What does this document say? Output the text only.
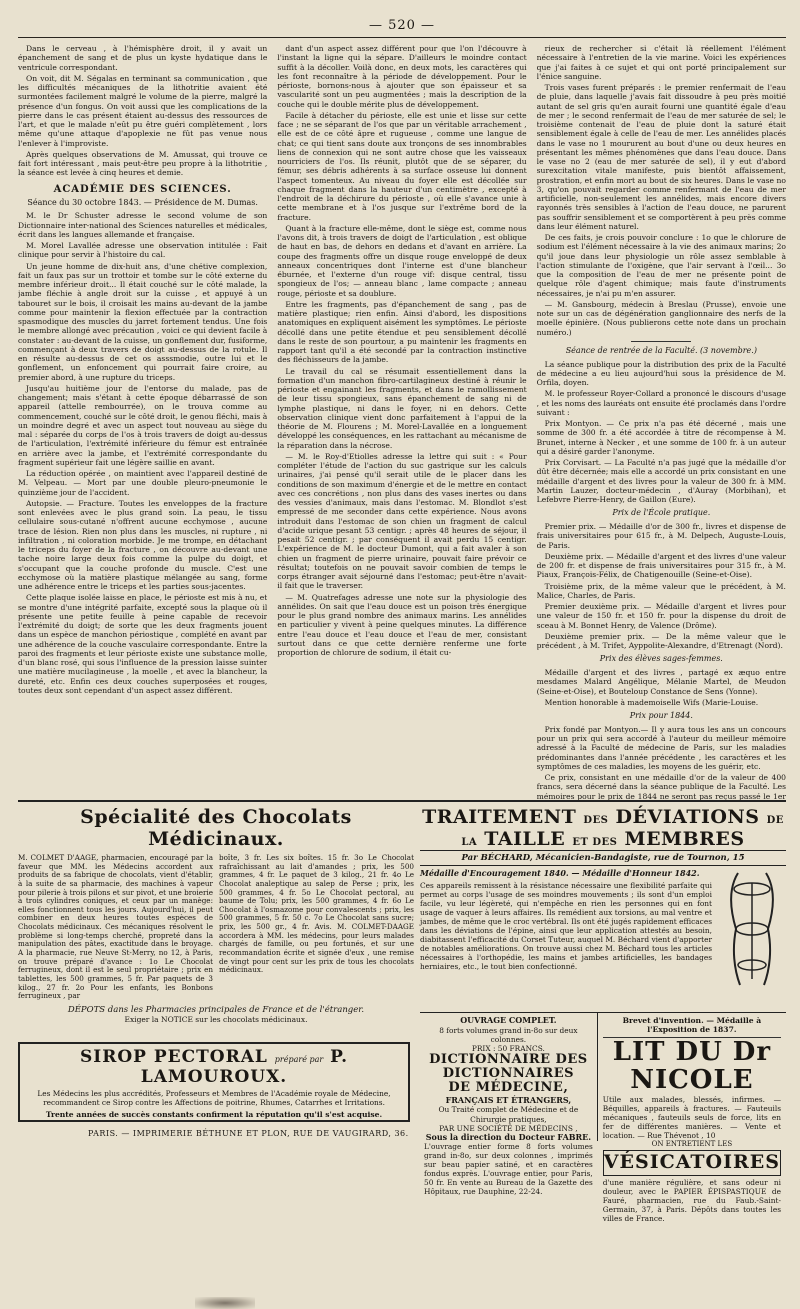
— 520 —

Dans le cerveau , à l'hémisphère droit, il y avait un épanchement de sang et de plus un kyste hydatique dans le ventricule correspondant.

On voit, dit M. Ségalas en terminant sa communication , que les difficultés mécaniques de la lithotritie avaient été surmontées facilement malgré le volume de la pierre, malgré la présence d'un fongus. On voit aussi que les complications de la pierre dans le cas présent étaient au-dessus des ressources de l'art, et que le malade n'eût pu être guéri complètement , lors même qu'une attaque d'apoplexie ne fût pas venue nous l'enlever à l'improviste.

Après quelques observations de M. Amussat, qui trouve ce fait fort intéressant , mais peut-être peu propre à la lithotritie , la séance est levée à cinq heures et demie.

ACADÉMIE DES SCIENCES.
Séance du 30 octobre 1843. — Présidence de M. Dumas.

M. le Dr Schuster adresse le second volume de son Dictionnaire inter-national des Sciences naturelles et médicales, écrit dans les langues allemande et française.

M. Morel Lavallée adresse une observation intitulée : Fait clinique pour servir à l'histoire du cal.

Un jeune homme de dix-huit ans, d'une chétive complexion, fait un faux pas sur un trottoir et tombe sur le côté externe du membre inférieur droit... Il était couché sur le côté malade, la jambe fléchie à angle droit sur la cuisse , et appuyé à un tabouret sur le bois, il croisait les mains au-devant de la jambe comme pour maintenir la flexion effectuée par la contraction spasmodique des muscles du jarret fortement tendus. Une fois le membre allongé avec précaution , voici ce qui devient facile à constater : au-devant de la cuisse, un gonflement dur, fusiforme, commençant à deux travers de doigt au-dessus de la rotule. Il en résulte au-dessus de cet os asssmodie, outre lui et le gonflement, un enfoncement qui pourrait faire croire, au premier abord, à une rupture du triceps.

Jusqu'au huitième jour de l'entorse du malade, pas de changement; mais s'étant à cette époque débarrassé de son appareil (attelle rembourrée), on le trouva comme au commencement, couché sur le côté droit, le genou fléchi, mais à un moindre degré et avec un aspect tout nouveau au siège du mal : séparée du corps de l'os à trois travers de doigt au-dessus de l'articulation, l'extrémité inférieure du fémur est entraînée en arrière avec la jambe, et l'extrémité correspondante du fragment supérieur fait une légère saillie en avant.

La réduction opérée , on maintient avec l'appareil destiné de M. Velpeau. — Mort par une double pleuro-pneumonie le quinzième jour de l'accident.

Autopsie. — Fracture. Toutes les enveloppes de la fracture sont enlevées avec le plus grand soin. La peau, le tissu cellulaire sous-cutané n'offrent aucune ecchymose , aucune trace de lésion. Rien non plus dans les muscles, ni rupture , ni infiltration , ni coloration morbide. Je me trompe, en détachant le triceps du foyer de la fracture , on découvre au-devant une tache noire large deux fois comme la pulpe du doigt, et s'occupant que la couche profonde du muscle. C'est une ecchymose où la matière plastique mélangée au sang, forme une adhérence entre le triceps et les parties sous-jacentes.

Cette plaque isolée laisse en place, le périoste est mis à nu, et se montre d'une intégrité parfaite, excepté sous la plaque où il présente une petite feuille à peine capable de recevoir l'extrémité du doigt; de sorte que les deux fragments jouent dans un espèce de manchon périostique , complété en avant par une adhérence de la couche vasculaire correspondante. Entre la paroi des fragments et leur périoste existe une substance molle, d'un blanc rosé, qui sous l'influence de la pression laisse suinter une matière mucilagineuse , la moelle , et avec la blancheur, la dureté, etc. Enfin ces deux couches superposées et rouges, toutes deux sont cependant d'un aspect assez différent.

dant d'un aspect assez différent pour que l'on l'découvre à l'instant la ligne qui la sépare. D'ailleurs le moindre contact suffit à la décoller. Voilà donc, en deux mots, les caractères qui les font reconnaître à la période de développement. Pour le périoste, bornons-nous à ajouter que son épaisseur et sa vascularité sont un peu augmentées ; mais la description de la couche qui le double mérite plus de développement.

Facile à détacher du périoste, elle est unie et lisse sur cette face ; ne se séparant de l'os que par un véritable arrachement , elle est de ce côté âpre et rugueuse , comme une langue de chat; ce qui tient sans doute aux tronçons de ses innombrables liens de connexion qui ne sont autre chose que les vaisseaux nourriciers de l'os. Ils réunit, plutôt que de se séparer, du fémur, ses débris adhérents à sa surface osseuse lui donnent l'aspect tomenteux. Au niveau du foyer elle est décollée sur chaque fragment dans la hauteur d'un centimètre , excepté à l'endroit de la déchirure du périoste , où elle s'avance unie à cette membrane et à l'os jusque sur l'extrême bord de la fracture.

Quant à la fracture elle-même, dont le siège est, comme nous l'avons dit, à trois travers de doigt de l'articulation , est oblique de haut en bas, de dehors en dedans et d'avant en arrière. La coupe des fragments offre un disque rouge enveloppé de deux anneaux concentriques dont l'interne est d'une blancheur éburnée, et l'externe d'un rouge vif: disque central, tissu spongieux de l'os; — anneau blanc , lame compacte ; anneau rouge, périoste et sa doublure.

Entre les fragments, pas d'épanchement de sang , pas de matière plastique; rien enfin. Ainsi d'abord, les dispositions anatomiques en expliquent aisément les symptômes. Le périoste décollé dans une petite étendue et peu sensiblement décollé dans le reste de son pourtour, a pu maintenir les fragments en rapport tant qu'il a été secondé par la contraction instinctive des fléchisseurs de la jambe.

Le travail du cal se résumait essentiellement dans la formation d'un manchon fibro-cartilagineux destiné à réunir le périoste et engainant les fragments, et dans le ramollissement de leur tissu spongieux, sans épanchement de sang ni de lymphe plastique, ni dans le foyer, ni en dehors. Cette observation clinique vient donc parfaitement à l'appui de la théorie de M. Flourens ; M. Morel-Lavallée en a longuement développé les conséquences, en les rattachant au mécanisme de la réparation dans la nécrose.

— M. le Roy-d'Etiolles adresse la lettre qui suit : « Pour compléter l'étude de l'action du suc gastrique sur les calculs urinaires, j'ai pensé qu'il serait utile de le placer dans les conditions de son maximum d'énergie et de le mettre en contact avec ces concrétions , non plus dans des vases inertes ou dans des vessies d'animaux, mais dans l'estomac. M. Blondlot s'est empressé de me seconder dans cette expérience. Nous avons introduit dans l'estomac de son chien un fragment de calcul d'acide urique pesant 53 centigr. ; après 48 heures de séjour, il pesait 52 centigr. ; par conséquent il avait perdu 15 centigr. L'expérience de M. le docteur Dumont, qui a fait avaler à son chien un fragment de pierre urinaire, pouvait faire prévoir ce résultat; toutefois on ne pouvait savoir combien de temps le corps étranger avait séjourné dans l'estomac; peut-être n'avait-il fait que le traverser.

— M. Quatrefages adresse une note sur la physiologie des annélides. On sait que l'eau douce est un poison très énergique pour le plus grand nombre des animaux marins. Les annélides en particulier y vivent à peine quelques minutes. La différence entre l'eau douce et l'eau douce et l'eau de mer, consistant surtout dans ce que cette dernière renferme une forte proportion de chlorure de sodium, il était cu-

rieux de rechercher si c'était là réellement l'élément nécessaire à l'entretien de la vie marine. Voici les expériences que j'ai faites à ce sujet et qui ont porté principalement sur l'énice sanguine.

Trois vases furent préparés : le premier renfermait de l'eau de pluie, dans laquelle j'avais fait dissoudre à peu près moitié autant de sel gris qu'en aurait fourni une quantité égale d'eau de mer ; le second renfermait de l'eau de mer saturée de sel; le troisième contenait de l'eau de pluie dont la saturé était sensiblement égale à celle de l'eau de mer. Les annélides placés dans le vase no 1 moururent au bout d'une ou deux heures en présentant les mêmes phénomènes que dans l'eau douce. Dans le vase no 2 (eau de mer saturée de sel), il y eut d'abord surexcitation vitale manifeste, puis bientôt affaissement, prostration, et enfin mort au bout de six heures. Dans le vase no 3, qu'on pouvait regarder comme renfermant de l'eau de mer artificielle, non-seulement les annélides, mais encore divers rayonnés très sensibles à l'action de l'eau douce, ne parurent pas souffrir sensiblement et se comportèrent à peu près comme dans leur élément naturel.

De ces faits, je crois pouvoir conclure : 1o que le chlorure de sodium est l'élément nécessaire à la vie des animaux marins; 2o qu'il joue dans leur physiologie un rôle assez semblable à l'action stimulante de l'oxigène, que l'air servant à l'œil... 3o que la composition de l'eau de mer ne présente point de quelque rôle d'agent chimique; mais faute d'instruments nécessaires, je n'ai pu m'en assurer.

— M. Gansbourg, médecin à Breslau (Prusse), envoie une note sur un cas de dégénération ganglionnaire des nerfs de la moelle épinière. (Nous publierons cette note dans un prochain numéro.)

Séance de rentrée de la Faculté. (3 novembre.)

La séance publique pour la distribution des prix de la Faculté de médecine a eu lieu aujourd'hui sous la présidence de M. Orfila, doyen.

M. le professeur Royer-Collard a prononcé le discours d'usage , et les noms des lauréats ont ensuite été proclamés dans l'ordre suivant :

Prix Montyon. — Ce prix n'a pas été décerné , mais une somme de 300 fr. a été accordée à titre de récompense à M. Brunet, interne à Necker , et une somme de 100 fr. à un auteur qui a désiré garder l'anonyme.

Prix Corvisart. — La Faculté n'a pas jugé que la médaille d'or dût être décernée; mais elle a accordé un prix consistant en une médaille d'argent et des livres pour la valeur de 300 fr. à MM. Martin Lauzer, docteur-médecin , d'Auray (Morbihan), et Lefebvre Pierre-Henry, de Gaillon (Eure).

Prix de l'École pratique.

Premier prix. — Médaille d'or de 300 fr., livres et dispense de frais universitaires pour 615 fr., à M. Delpech, Auguste-Louis, de Paris.

Deuxième prix. — Médaille d'argent et des livres d'une valeur de 200 fr. et dispense de frais universitaires pour 315 fr., à M. Piaux, François-Félix, de Chatigenouille (Seine-et-Oise).

Troisième prix, de la même valeur que le précédent, à M. Malice, Charles, de Paris.

Premier deuxième prix. — Médaille d'argent et livres pour une valeur de 150 fr. et 150 fr. pour la dispense du droit de sceau à M. Bonnet Henry, de Valence (Drôme).

Deuxième premier prix. — De la même valeur que le précédent , à M. Trifet, Ayppolite-Alexandre, d'Etrenagt (Nord).

Prix des élèves sages-femmes.

Médaille d'argent et des livres , partagé ex æquo entre mesdames Malard Angélique, Mélanie Martel, de Meudon (Seine-et-Oise), et Bouteloup Constance de Sens (Yonne).

Mention honorable à mademoiselle Wifs (Marie-Louise.

Prix pour 1844.

Prix fondé par Montyon.— Il y aura tous les ans un concours pour un prix qui sera accordé à l'auteur du meilleur mémoire adressé à la Faculté de médecine de Paris, sur les maladies prédominantes dans l'année précédente , les caractères et les symptômes de ces maladies, les moyens de les guérir, etc.

Ce prix, consistant en une médaille d'or de la valeur de 400 francs, sera décerné dans la séance publique de la Faculté. Les mémoires pour le prix de 1844 ne seront pas reçus passé le 1er

Spécialité des Chocolats Médicinaux.
M. COLMET D'AAGE, pharmacien, encouragé par la faveur que MM. les Médecins accordent aux produits de sa fabrique de chocolats, vient d'établir, à la suite de sa pharmacie, des machines à vapeur pour pilerie à trois pilons et sur pivot, et une broierie à trois cylindres coniques, et ceux par un manège: elles fonctionnent tous les jours. Aujourd'hui, il peut combiner en deux heures toutes espèces de Chocolats médicinaux. Ces mécaniques résolvent le problème si long-temps cherché, propreté dans la manipulation des pâtes, exactitude dans le broyage. A la pharmacie, rue Neuve St-Merry, no 12, à Paris, on trouve préparé d'avance : 1o Le Chocolat ferrugineux, dont il est le seul propriétaire ; prix en tablettes, les 500 grammes, 5 fr. Par paquets de 3 kilog., 27 fr. 2o Pour les enfants, les Bonbons ferrugineux , par
boîte, 3 fr. Les six boîtes. 15 fr. 3o Le Chocolat rafraîchissant au lait d'amandes ; prix, les 500 grammes, 4 fr. Le paquet de 3 kilog., 21 fr. 4o Le Chocolat analeptique au salep de Perse ; prix, les 500 grammes, 4 fr. 5o Le Chocolat pectoral, au baume de Tolu; prix, les 500 grammes, 4 fr. 6o Le Chocolat à l'osmazome pour convalescents ; prix, les 500 grammes, 5 fr. 50 c. 7o Le Chocolat sans sucre; prix, les 500 gr., 4 fr. Avis. M. COLMET-DAAGE accordera à MM. les médecins, pour leurs malades chargés de famille, ou peu fortunés, et sur une recommandation écrite et signée d'eux , une remise de vingt pour cent sur les prix de tous les chocolats médicinaux.
DÉPOTS dans les Pharmacies principales de France et de l'étranger.
Exiger la NOTICE sur les chocolats médicinaux.
SIROP PECTORAL préparé par P. LAMOUROUX.
Les Médecins les plus accrédités, Professeurs et Membres de l'Académie royale de Médecine, recommandent ce Sirop contre les Affections de poitrine, Rhumes, Catarrhes et Irritations.
Trente années de succès constants confirment la réputation qu'il s'est acquise.
PARIS. — IMPRIMERIE BÉTHUNE ET PLON, RUE DE VAUGIRARD, 36.
TRAITEMENT DES DÉVIATIONS DE LA TAILLE ET DES MEMBRES
Par BÉCHARD, Mécanicien-Bandagiste, rue de Tournon, 15
Médaille d'Encouragement 1840. — Médaille d'Honneur 1842.
Ces appareils remissent à la résistance nécessaire une flexibilité parfaite qui permet au corps l'usage de ses moindres mouvements ; ils sont d'un emploi facile, vu leur légèreté, qui n'empêche en rien les personnes qui en font usage de vaquer à leurs affaires. Ils remédient aux torsions, au mal ventre et jambes, de même que le croc vertébral. Ils ont été jugés rapidement efficaces dans les déviations de l'épine, ainsi que leur application attestés au besoin, diabitassent l'efficacité du Corset Tuteur, auquel M. Béchard vient d'apporter de notables améliorations. On trouve aussi chez M. Béchard tous les articles nécessaires à l'orthopédie, les mains et jambes artificielles, les bandages herniaires, etc., le tout bien confectionné.
OUVRAGE COMPLET.
8 forts volumes grand in-8o sur deux colonnes.
PRIX : 50 FRANCS.
DICTIONNAIRE DES DICTIONNAIRES
DE MÉDECINE,
FRANÇAIS ET ÉTRANGERS,
Ou Traité complet de Médecine et de Chirurgie pratiques,
PAR UNE SOCIÉTÉ DE MÉDECINS ,
Sous la direction du Docteur FABRE.
L'ouvrage entier forme 8 forts volumes grand in-8o, sur deux colonnes , imprimés sur beau papier satiné, et en caractères fondus exprès. L'ouvrage entier, pour Paris, 50 fr. En vente au Bureau de la Gazette des Hôpitaux, rue Dauphine, 22-24.
Brevet d'invention. — Médaille à l'Exposition de 1837.
LIT DU Dr NICOLE
Utile aux malades, blessés, infirmes. — Béquilles, appareils à fractures. — Fauteuils mécaniques , fauteuils seuls de force, lits en fer de différentes manières. — Vente et location. — Rue Thévenot , 10
ON ENTRETIENT LES
VÉSICATOIRES
d'une manière régulière, et sans odeur ni douleur, avec le PAPIER ÉPISPASTIQUE de Fauré, pharmacien, rue du Faub.-Saint-Germain, 37, à Paris. Dépôts dans toutes les villes de France.
